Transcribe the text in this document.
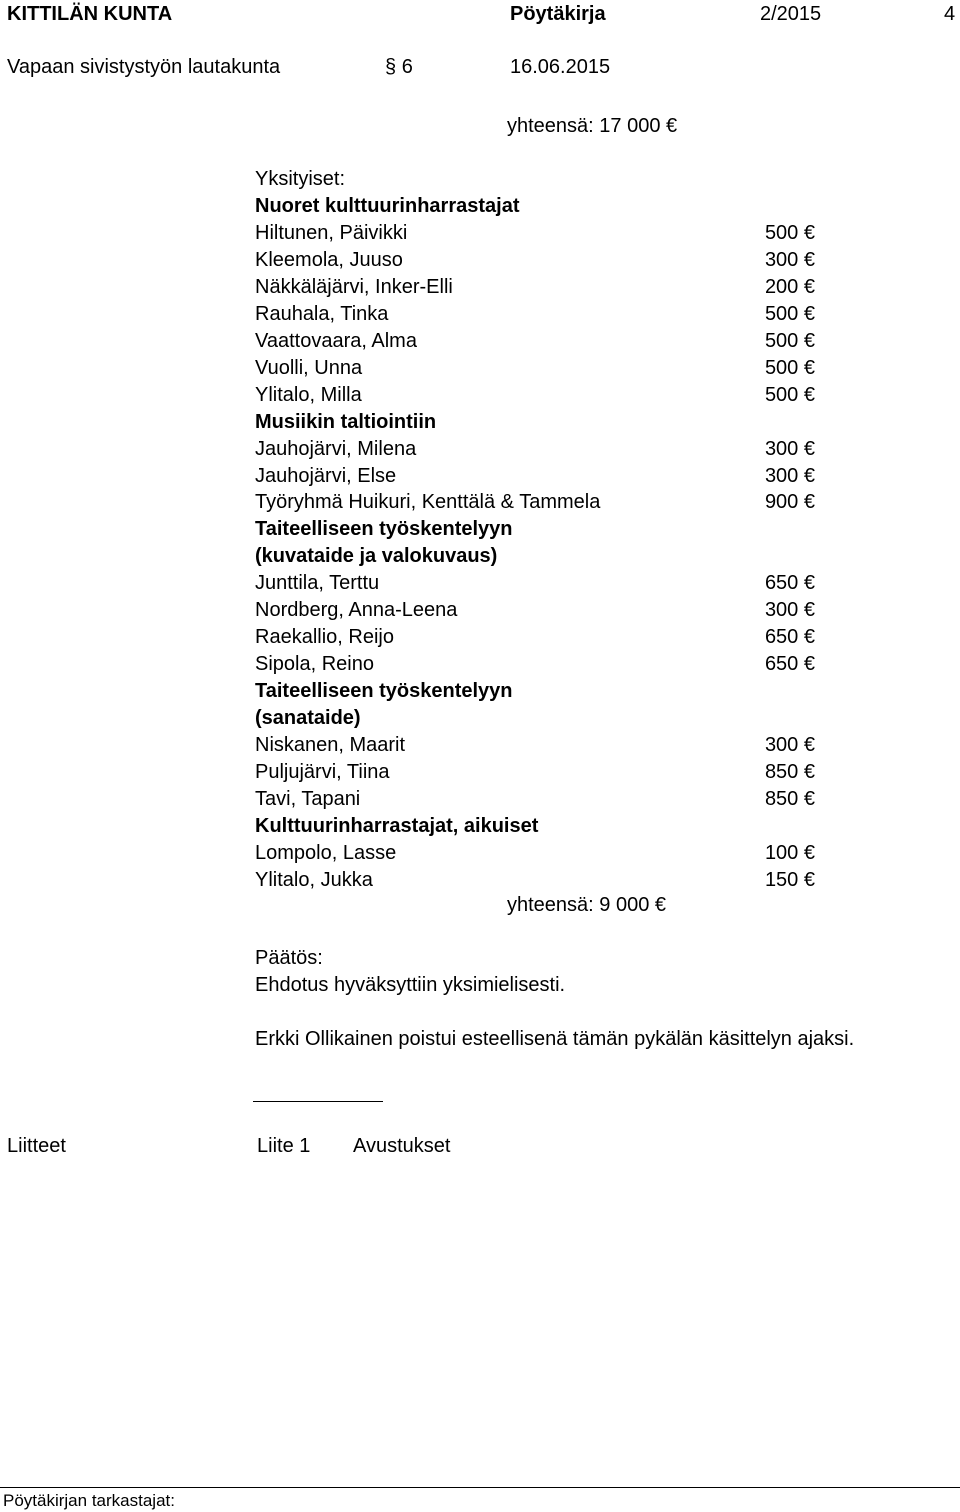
KITTILÄN KUNTA	Pöytäkirja	2/2015	4
Vapaan sivistystyön lautakunta	§ 6	16.06.2015
yhteensä: 17 000 €
Yksityiset:
Nuoret kulttuurinharrastajat
Hiltunen, Päivikki	500 €
Kleemola, Juuso	300 €
Näkkäläjärvi, Inker-Elli	200 €
Rauhala, Tinka	500 €
Vaattovaara, Alma	500 €
Vuolli, Unna	500 €
Ylitalo, Milla	500 €
Musiikin taltiointiin
Jauhojärvi, Milena	300 €
Jauhojärvi, Else	300 €
Työryhmä Huikuri, Kenttälä & Tammela	900 €
Taiteelliseen työskentelyyn
(kuvataide ja valokuvaus)
Junttila, Terttu	650 €
Nordberg, Anna-Leena	300 €
Raekallio, Reijo	650 €
Sipola, Reino	650 €
Taiteelliseen työskentelyyn
(sanataide)
Niskanen, Maarit	300 €
Puljujärvi, Tiina	850 €
Tavi, Tapani	850 €
Kulttuurinharrastajat, aikuiset
Lompolo, Lasse	100 €
Ylitalo, Jukka	150 €
yhteensä: 9 000 €
Päätös:
Ehdotus hyväksyttiin yksimielisesti.
Erkki Ollikainen poistui esteellisenä tämän pykälän käsittelyn ajaksi.
Liitteet	Liite 1 Avustukset
Pöytäkirjan tarkastajat:
